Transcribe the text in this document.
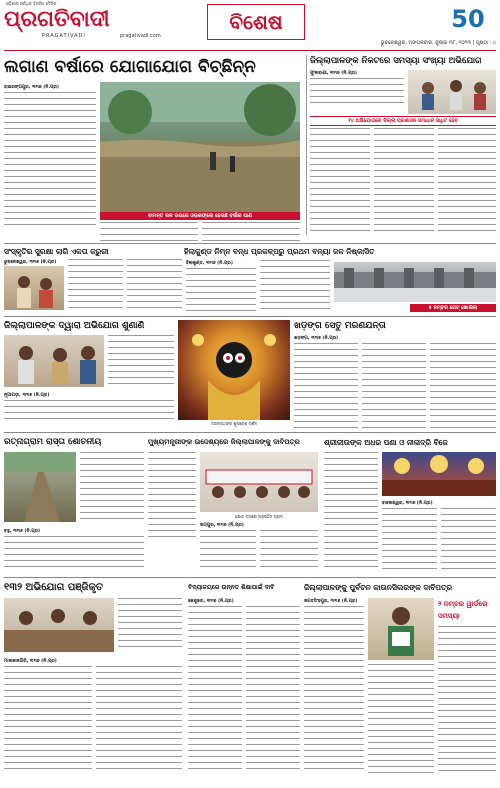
ଓଡ଼ିଶାର ସର୍ବାଧିକ ବିକ୍ରିତ ଦୈନିକ
ପ୍ରଗତିବାଦୀ
PRAGATIVADI	pragativadi.com
ବିଶେଷ	50
ଭୁବନେଶ୍ୱର, ମଙ୍ଗଳବାର, ଜୁଲାଇ ୩୮, ୨୦୨୩ | ପୃଷ୍ଠା : ୪
ଲଗାଣ ବର୍ଷାରେ ଯୋଗାଯୋଗ ବିଚ୍ଛିନ୍ନ
ରାଇରଙ୍ଗପୁର, ୩୧ା୭ (ନି.ପ୍ର)
ବାମନ୍ତ ନାଳ ଉପରେ ଓଭରଫ୍ଲୋ ହେଉଛି ବର୍ଷାର ପାଣି
ଜିଲ୍ଲାପାଳଙ୍କ ନିକଟରେ ସମସ୍ୟା ସଂଖ୍ୟା ଅଭିଯୋଗ
ଫୁଲବାଣୀ, ୩୧ା୭ (ନି.ପ୍ର)
୧୪ ଅଭିଯୋଗରେ ଜିଲ୍ଲା ପ୍ରଶାସନ ସମାଧାନ ସାଧିତ ହେବ
ସଂସ୍କୃତିର ସୁରକ୍ଷା ଲାଗି ଏକତା ଜରୁରୀ
ଭୁବନେଶ୍ୱର, ୩୧ା୭ (ନି.ପ୍ର)
ହିଲାକୁଣ୍ଡ ନିମ୍ନ ବନ୍ଧ ପ୍ରକଳ୍ପରୁ ପ୍ରଥମ ବନ୍ୟା ଜଳ ନିଷ୍କାସିତ
ହିଲାକୁଣ୍ଡ, ୩୧ା୭ (ନି.ପ୍ର)
୫ ନମ୍ବର ଗେଟ୍ ଖୋଲିଲା
ଜିଲ୍ଲାପାଳଙ୍କ ଦ୍ୱାରା ଅଭିଯୋଗ ଶୁଣାଣି
ନୂଆପଡ଼ା, ୩୧ା୭ (ନି.ପ୍ର)
ଜଗନ୍ନାଥଙ୍କ ଶୁନାବେଶ ଦର୍ଶନ
ଖଡ଼ଙ୍ଗ ସେତୁ ମରଣଯନ୍ତା
ଖଡ଼ଙ୍ଗ, ୩୧ା୭ (ନି.ପ୍ର)
ରତ୍ନାଗ୍ରାମ ରାସ୍ତା ଶୋଚନୀୟ
ବନ୍ଥ, ୩୧ା୭ (ନି.ପ୍ର)
ମୁଖ୍ୟମନ୍ତ୍ରୀଙ୍କ ଉଦ୍ଦେଶ୍ୟରେ ଜିଲ୍ଲାପାଳଙ୍କୁ ଦାବିପତ୍ର
ଯୋଗ ବସାରେ ଅନୁଷ୍ଠିତ ଗ୍ରାମ
ଜୟପୁର, ୩୧ା୭ (ନି.ପ୍ର)
ଶ୍ରୀଜୀଉଙ୍କ ଅଧର ପଣା ଓ ନୀଳାଦ୍ରି ବିଜେ
ବାଲେଶ୍ୱର, ୩୧ା୭ (ନି.ପ୍ର)
୧୩୨ ଅଭିଯୋଗ ପଞ୍ଜିକୃତ
ମାଲକାନଗିରି, ୩୧ା୭ (ନି.ପ୍ର)
ବିଦ୍ୟାଳୟରେ ଉନ୍ନତ ଶିକ୍ଷାପାଇଁ ଦାବି
କେନ୍ଦୁଝର, ୩୧ା୭ (ନି.ପ୍ର)
ଜିଲ୍ଲାପାଳଙ୍କୁ ପୁର୍ବଚନ କାଉନସିଲରଙ୍କ ଦାବିପତ୍ର
ଜଗତସିଂହପୁର, ୩୧ା୭ (ନି.ପ୍ର)	୨ ନମ୍ବର ୱାର୍ଡରେ ସମସ୍ୟା
